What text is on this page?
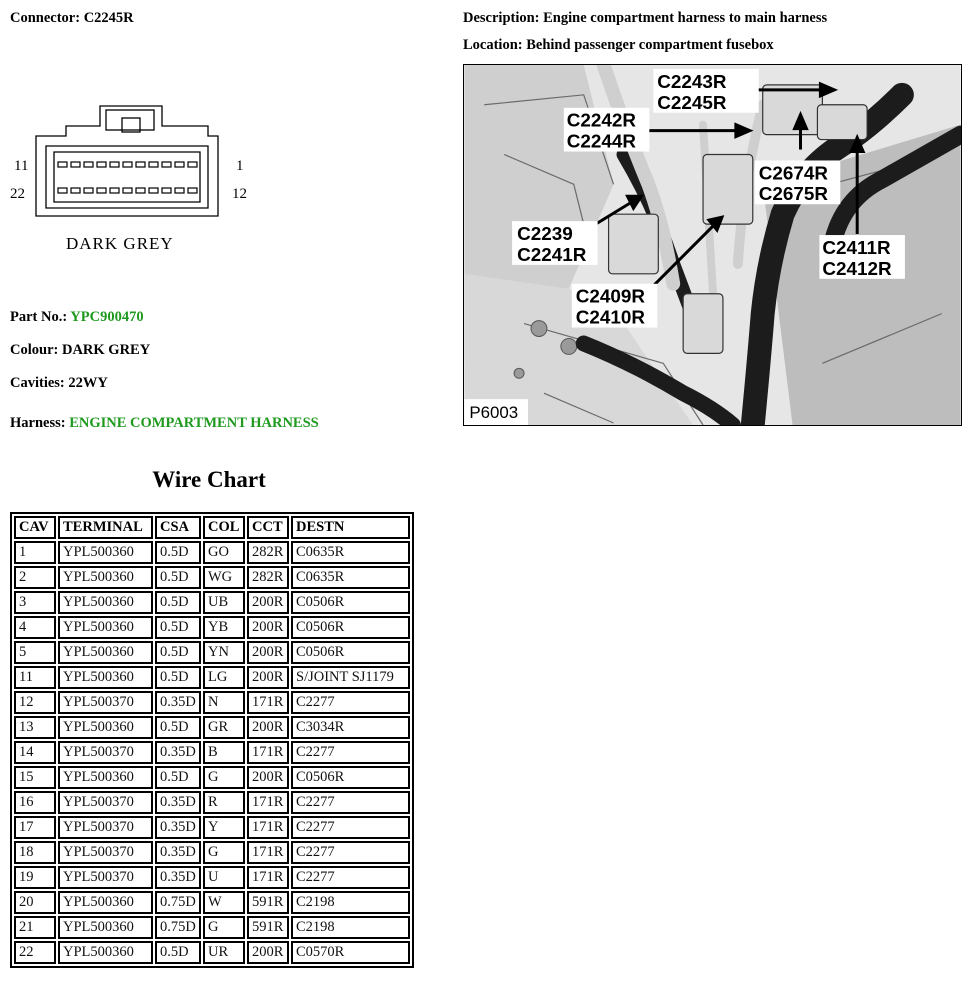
Connector: C2245R	Description: Engine compartment harness to main harness
Location: Behind passenger compartment fusebox
11	1
22	12
DARK GREY
Part No.: YPC900470
Colour: DARK GREY
Cavities: 22WY
Harness: ENGINE COMPARTMENT HARNESS
P6003
C2243R
C2245R
C2242R
C2244R
C2674R
C2675R
C2239
C2241R	C2411R
C2412R
C2409R
C2410R
Wire Chart
CAV	TERMINAL	CSA	COL	CCT	DESTN
1	YPL500360	0.5D	GO	282R	C0635R
2	YPL500360	0.5D	WG	282R	C0635R
3	YPL500360	0.5D	UB	200R	C0506R
4	YPL500360	0.5D	YB	200R	C0506R
5	YPL500360	0.5D	YN	200R	C0506R
11	YPL500360	0.5D	LG	200R	S/JOINT SJ1179
12	YPL500370	0.35D	N	171R	C2277
13	YPL500360	0.5D	GR	200R	C3034R
14	YPL500370	0.35D	B	171R	C2277
15	YPL500360	0.5D	G	200R	C0506R
16	YPL500370	0.35D	R	171R	C2277
17	YPL500370	0.35D	Y	171R	C2277
18	YPL500370	0.35D	G	171R	C2277
19	YPL500370	0.35D	U	171R	C2277
20	YPL500360	0.75D	W	591R	C2198
21	YPL500360	0.75D	G	591R	C2198
22	YPL500360	0.5D	UR	200R	C0570R
